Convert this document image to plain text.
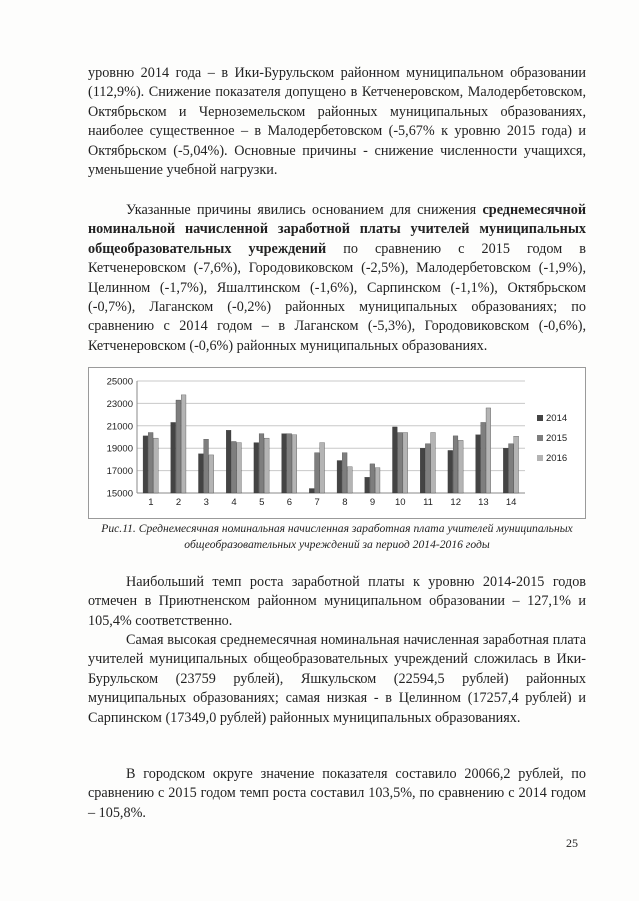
уровню 2014 года – в Ики-Бурульском районном муниципальном образовании (112,9%). Снижение показателя допущено в Кетченеровском, Малодербетовском, Октябрьском и Черноземельском районных муниципальных образованиях, наиболее существенное – в Малодербетовском (-5,67% к уровню 2015 года) и Октябрьском (-5,04%). Основные причины - снижение численности учащихся, уменьшение учебной нагрузки.

Указанные причины явились основанием для снижения среднемесячной номинальной начисленной заработной платы учителей муниципальных общеобразовательных учреждений по сравнению с 2015 годом в Кетченеровском (-7,6%), Городовиковском (-2,5%), Малодербетовском (-1,9%), Целинном (-1,7%), Яшалтинском (-1,6%), Сарпинском (-1,1%), Октябрьском (-0,7%), Лаганском (-0,2%) районных муниципальных образованиях; по сравнению с 2014 годом – в Лаганском (-5,3%), Городовиковском (-0,6%), Кетченеровском (-0,6%) районных муниципальных образованиях.

25000
23000
21000
19000
17000
15000
1 2 3 4 5 6 7 8 9 10 11 12 13 14
2014
2015
2016
Рис.11. Среднемесячная номинальная начисленная заработная плата учителей муниципальных общеобразовательных учреждений за период 2014-2016 годы

Наибольший темп роста заработной платы к уровню 2014-2015 годов отмечен в Приютненском районном муниципальном образовании – 127,1% и 105,4% соответственно.

Самая высокая среднемесячная номинальная начисленная заработная плата учителей муниципальных общеобразовательных учреждений сложилась в Ики-Бурульском (23759 рублей), Яшкульском (22594,5 рублей) районных муниципальных образованиях; самая низкая - в Целинном (17257,4 рублей) и Сарпинском (17349,0 рублей) районных муниципальных образованиях.

В городском округе значение показателя составило 20066,2 рублей, по сравнению с 2015 годом темп роста составил 103,5%, по сравнению с 2014 годом – 105,8%.

25
